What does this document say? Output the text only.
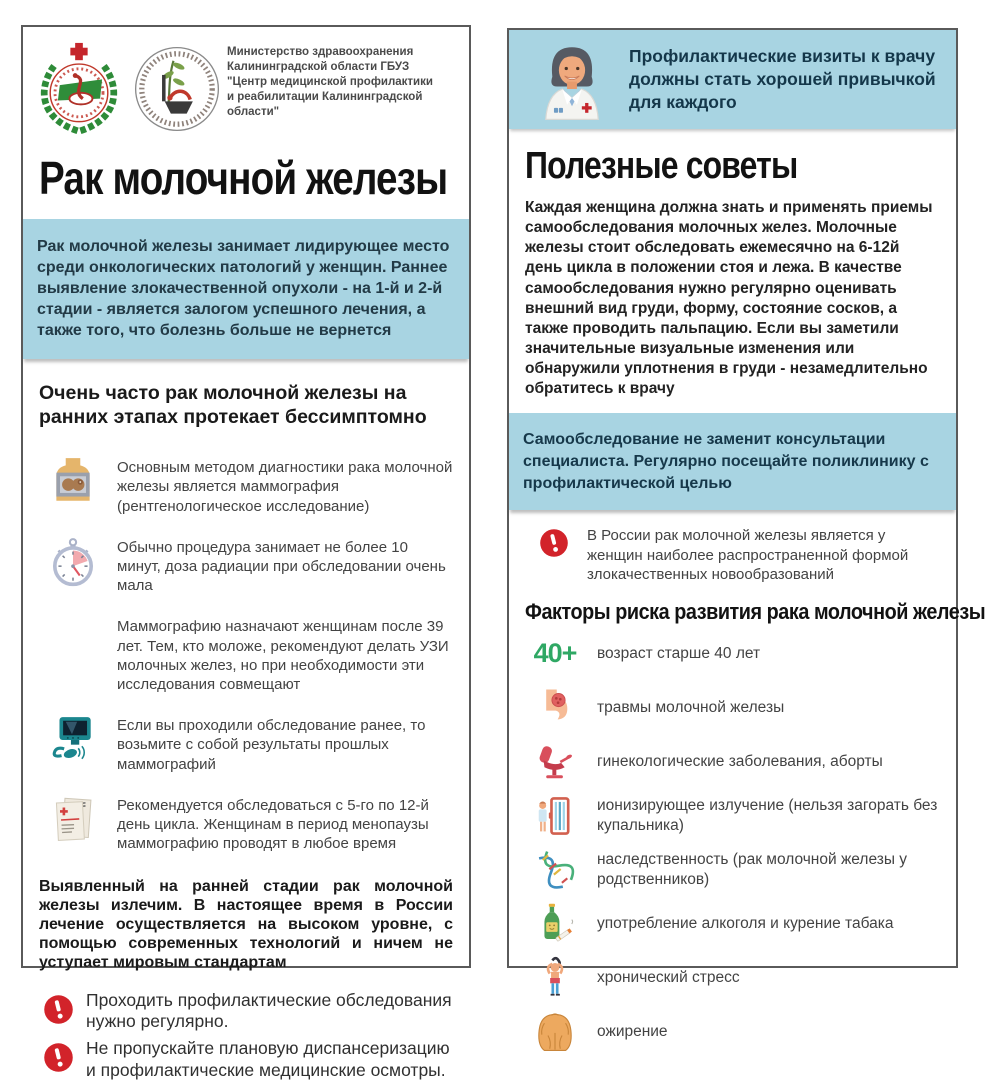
Министерство здравоохранения Калининградской области ГБУЗ "Центр медицинской профилактики и реабилитации Калининградской области"
Рак молочной железы
Рак молочной железы занимает лидирующее место среди онкологических патологий у женщин. Раннее выявление злокачественной опухоли - на 1-й и 2-й стадии - является залогом успешного лечения, а также того, что болезнь больше не вернется
Очень часто рак молочной железы на ранних этапах протекает бессимптомно
Основным методом диагностики рака молочной железы является маммография (рентгенологическое исследование)
Обычно процедура занимает не более 10 минут, доза радиации при обследовании очень мала
Маммографию назначают женщинам после 39 лет. Тем, кто моложе, рекомендуют делать УЗИ молочных желез, но при необходимости эти исследования совмещают
Если вы проходили обследование ранее, то возьмите с собой результаты прошлых маммографий
Рекомендуется обследоваться с 5-го по 12-й день цикла. Женщинам в период менопаузы маммографию проводят в любое время
Выявленный на ранней стадии рак молочной железы излечим. В настоящее время в России лечение осуществляется на высоком уровне, с помощью современных технологий и ничем не уступает мировым стандартам
Проходить профилактические обследования нужно регулярно.
Не пропускайте плановую диспансеризацию и профилактические медицинские осмотры.
Профилактические визиты к врачу должны стать хорошей привычкой для каждого
Полезные советы
Каждая женщина должна знать и применять приемы самообследования молочных желез. Молочные железы стоит обследовать ежемесячно на 6-12й день цикла в положении стоя и лежа. В качестве самообследования нужно регулярно оценивать внешний вид груди, форму, состояние сосков, а также проводить пальпацию. Если вы заметили значительные визуальные изменения или обнаружили уплотнения в груди - незамедлительно обратитесь к врачу
Самообследование не заменит консультации специалиста. Регулярно посещайте поликлинику с профилактической целью
В России рак молочной железы является у женщин наиболее распространенной формой злокачественных новообразований
Факторы риска развития рака молочной железы
40+ возраст старше 40 лет
травмы молочной железы
гинекологические заболевания, аборты
ионизирующее излучение (нельзя загорать без купальника)
наследственность (рак молочной железы у родственников)
употребление алкоголя и курение табака
хронический стресс
ожирение
